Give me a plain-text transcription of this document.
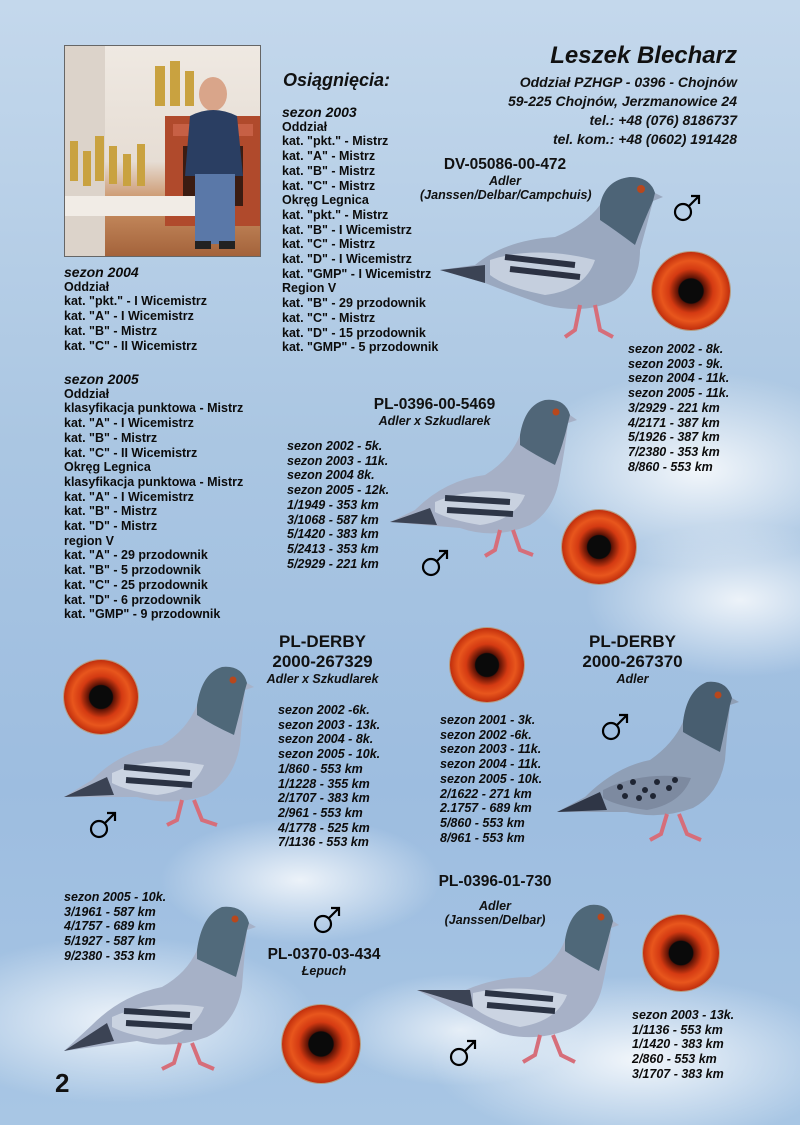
Leszek Blecharz
Oddział PZHGP - 0396 - Chojnów
59-225 Chojnów, Jerzmanowice 24
tel.: +48 (076) 8186737
tel. kom.: +48 (0602) 191428
Osiągnięcia:
sezon 2003
Oddział
kat. "pkt." - Mistrz
kat. "A" - Mistrz
kat. "B" - Mistrz
kat. "C" - Mistrz
Okręg Legnica
kat. "pkt." - Mistrz
kat. "B" - I Wicemistrz
kat. "C" - Mistrz
kat. "D" - I Wicemistrz
kat. "GMP" - I Wicemistrz
Region V
kat. "B" - 29 przodownik
kat. "C" - Mistrz
kat. "D" - 15 przodownik
kat. "GMP" - 5 przodownik
sezon 2004
Oddział
kat. "pkt." - I Wicemistrz
kat. "A" - I Wicemistrz
kat. "B" - Mistrz
kat. "C" - II Wicemistrz
sezon 2005
Oddział
klasyfikacja punktowa - Mistrz
kat. "A" - I Wicemistrz
kat. "B" - Mistrz
kat. "C" - II Wicemistrz
Okręg Legnica
klasyfikacja punktowa - Mistrz
kat. "A" - I Wicemistrz
kat. "B" - Mistrz
kat. "D" - Mistrz
region V
kat. "A" - 29 przodownik
kat. "B" - 5 przodownik
kat. "C" - 25 przodownik
kat. "D" - 6 przodownik
kat. "GMP" - 9 przodownik
DV-05086-00-472
Adler
(Janssen/Delbar/Campchuis)
sezon 2002 - 8k.
sezon 2003 - 9k.
sezon 2004 - 11k.
sezon 2005 - 11k.
3/2929 - 221 km
4/2171 - 387 km
5/1926 - 387 km
7/2380 - 353 km
8/860 - 553 km
PL-0396-00-5469
Adler x Szkudlarek
sezon 2002 - 5k.
sezon 2003 - 11k.
sezon 2004 8k.
sezon 2005 - 12k.
1/1949 - 353 km
3/1068 - 587 km
5/1420 - 383 km
5/2413 - 353 km
5/2929 - 221 km
PL-DERBY
2000-267329
Adler x Szkudlarek
sezon 2002 -6k.
sezon 2003 - 13k.
sezon 2004 - 8k.
sezon 2005 - 10k.
1/860 - 553 km
1/1228 - 355 km
2/1707 - 383 km
2/961 - 553 km
4/1778 - 525 km
7/1136 - 553 km
PL-DERBY
2000-267370
Adler
sezon 2001 - 3k.
sezon 2002 -6k.
sezon 2003 - 11k.
sezon 2004 - 11k.
sezon 2005 - 10k.
2/1622 - 271 km
2.1757 - 689 km
5/860 - 553 km
8/961 - 553 km
sezon 2005 - 10k.
3/1961 - 587 km
4/1757 - 689 km
5/1927 - 587 km
9/2380 - 353 km	PL-0370-03-434
Łepuch
PL-0396-01-730
Adler
(Janssen/Delbar)
sezon 2003 - 13k.
1/1136 - 553 km
1/1420 - 383 km
2/860 - 553 km
3/1707 - 383 km
2
